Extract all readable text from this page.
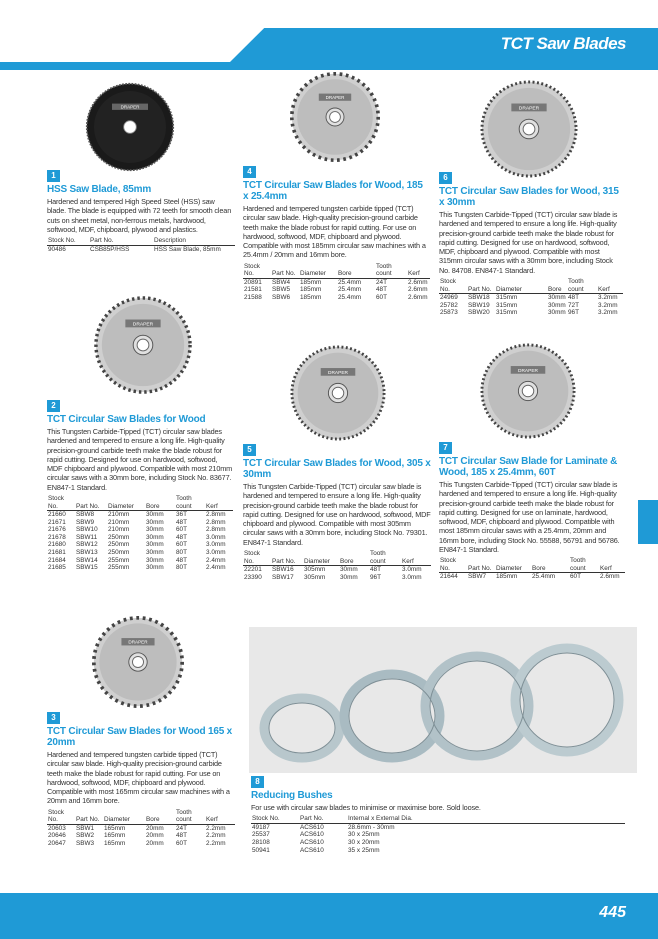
TCT Saw Blades
DRAPER
DRAPER
DRAPER
DRAPER
DRAPER	DRAPER
DRAPER
1
HSS Saw Blade, 85mm
Hardened and tempered High Speed Steel (HSS) saw blade. The blade is equipped with 72 teeth for smooth clean cuts on sheet metal, non-ferrous metals, hardwood, softwood, MDF, chipboard, plywood and plastics.
Stock No.	Part No.	Description
90486	CSB85P/HSS	HSS Saw Blade, 85mm
4
TCT Circular Saw Blades for Wood, 185 x 25.4mm
Hardened and tempered tungsten carbide tipped (TCT) circular saw blade. High-quality precision-ground carbide teeth make the blade robust for rapid cutting. For use on hardwood, softwood, MDF, chipboard and plywood. Compatible with most 185mm circular saw machines with a 25.4mm / 20mm and 16mm bore.
Stock No.	Part No.	Diameter	Bore	Tooth count	Kerf
20891	SBW4	185mm	25.4mm	24T	2.6mm
21581	SBW5	185mm	25.4mm	48T	2.6mm
21588	SBW6	185mm	25.4mm	60T	2.6mm
6
TCT Circular Saw Blades for Wood, 315 x 30mm
This Tungsten Carbide-Tipped (TCT) circular saw blade is hardened and tempered to ensure a long life. High-quality precision-ground carbide teeth make the blade robust for rapid cutting. Designed for use on hardwood, softwood, MDF, chipboard and plywood. Compatible with most 315mm circular saws with a 30mm bore, including Stock No. 84708. EN847-1 Standard.
Stock No.	Part No.	Diameter	Bore	Tooth count	Kerf
24969	SBW18	315mm	30mm	48T	3.2mm
25782	SBW19	315mm	30mm	72T	3.2mm
25873	SBW20	315mm	30mm	96T	3.2mm
2
TCT Circular Saw Blades for Wood
This Tungsten Carbide-Tipped (TCT) circular saw blades hardened and tempered to ensure a long life. High-quality precision-ground carbide teeth make the blade robust for rapid cutting. Designed for use on hardwood, softwood, MDF chipboard and plywood. Compatible with most 210mm circular saws with a 30mm bore, including Stock No. 83677. EN847-1 Standard.
Stock No.	Part No.	Diameter	Bore	Tooth count	Kerf
21660	SBW8	210mm	30mm	36T	2.8mm
21671	SBW9	210mm	30mm	48T	2.8mm
21676	SBW10	210mm	30mm	60T	2.8mm
21678	SBW11	250mm	30mm	48T	3.0mm
21680	SBW12	250mm	30mm	60T	3.0mm
21681	SBW13	250mm	30mm	80T	3.0mm
21684	SBW14	255mm	30mm	48T	2.4mm
21685	SBW15	255mm	30mm	80T	2.4mm
5
TCT Circular Saw Blades for Wood, 305 x 30mm
This Tungsten Carbide-Tipped (TCT) circular saw blade is hardened and tempered to ensure a long life. High-quality precision-ground carbide teeth make the blade robust for rapid cutting. Designed for use on hardwood, softwood, MDF chipboard and plywood. Compatible with most 305mm circular saws with a 30mm bore, including Stock No. 79301. EN847-1 Standard.
Stock No.	Part No.	Diameter	Bore	Tooth count	Kerf
22201	SBW16	305mm	30mm	48T	3.0mm
23390	SBW17	305mm	30mm	96T	3.0mm
7
TCT Circular Saw Blade for Laminate & Wood, 185 x 25.4mm, 60T
This Tungsten Carbide-Tipped (TCT) circular saw blade is hardened and tempered to ensure a long life. High-quality precision-ground carbide teeth make the blade robust for rapid cutting. Designed for use on laminate, hardwood, softwood, MDF, chipboard and plywood. Compatible with most 185mm circular saws with a 25.4mm, 20mm and 16mm bore, including Stock No. 55588, 56791 and 56786. EN847-1 Standard.
Stock No.	Part No.	Diameter	Bore	Tooth count	Kerf
21644	SBW7	185mm	25.4mm	60T	2.6mm
3
TCT Circular Saw Blades for Wood 165 x 20mm
Hardened and tempered tungsten carbide tipped (TCT) circular saw blade. High-quality precision-ground carbide teeth make the blade robust for rapid cutting. For use on hardwood, softwood, MDF, chipboard and plywood. Compatible with most 165mm circular saw machines with a 20mm and 16mm bore.
Stock No.	Part No.	Diameter	Bore	Tooth count	Kerf
20603	SBW1	165mm	20mm	24T	2.2mm
20646	SBW2	165mm	20mm	48T	2.2mm
20647	SBW3	165mm	20mm	60T	2.2mm
8
Reducing Bushes
For use with circular saw blades to minimise or maximise bore. Sold loose.
Stock No.	Part No.	Internal x External Dia.
49187	ACS610	28.6mm - 30mm
25537	ACS610	30 x 25mm
28108	ACS610	30 x 20mm
50941	ACS610	35 x 25mm
445
